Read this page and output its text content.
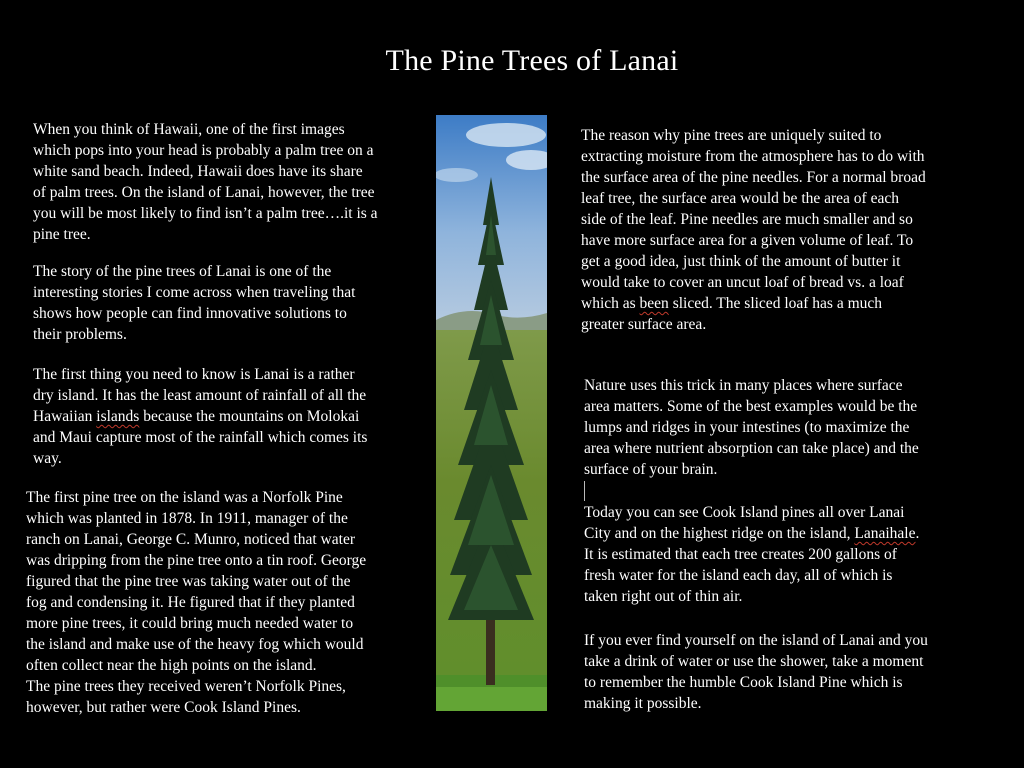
The Pine Trees of Lanai

When you think of Hawaii, one of the first images

which pops into your head is probably a palm tree on a

white sand beach. Indeed, Hawaii does have its share

of palm trees. On the island of Lanai, however, the tree

you will be most likely to find isn’t a palm tree….it is a

pine tree.

The story of the pine trees of Lanai is one of the

interesting stories I come across when traveling that

shows how people can find innovative solutions to

their problems.

The first thing you need to know is Lanai is a rather

dry island. It has the least amount of rainfall of all the

Hawaiian islands because the mountains on Molokai

and Maui capture most of the rainfall which comes its

way.

The first pine tree on the island was a Norfolk Pine

which was planted in 1878. In 1911, manager of the

ranch on Lanai, George C. Munro, noticed that water

was dripping from the pine tree onto a tin roof. George

figured that the pine tree was taking water out of the

fog and condensing it. He figured that if they planted

more pine trees, it could bring much needed water to

the island and make use of the heavy fog which would

often collect near the high points on the island.

The pine trees they received weren’t Norfolk Pines,

however, but rather were Cook Island Pines.

The reason why pine trees are uniquely suited to

extracting moisture from the atmosphere has to do with

the surface area of the pine needles. For a normal broad

leaf tree, the surface area would be the area of each

side of the leaf. Pine needles are much smaller and so

have more surface area for a given volume of leaf. To

get a good idea, just think of the amount of butter it

would take to cover an uncut loaf of bread vs. a loaf

which as been sliced. The sliced loaf has a much

greater surface area.

Nature uses this trick in many places where surface

area matters. Some of the best examples would be the

lumps and ridges in your intestines (to maximize the

area where nutrient absorption can take place) and the

surface of your brain.

Today you can see Cook Island pines all over Lanai

City and on the highest ridge on the island, Lanaihale.

It is estimated that each tree creates 200 gallons of

fresh water for the island each day, all of which is

taken right out of thin air.

If you ever find yourself on the island of Lanai and you

take a drink of water or use the shower, take a moment

to remember the humble Cook Island Pine which is

making it possible.
